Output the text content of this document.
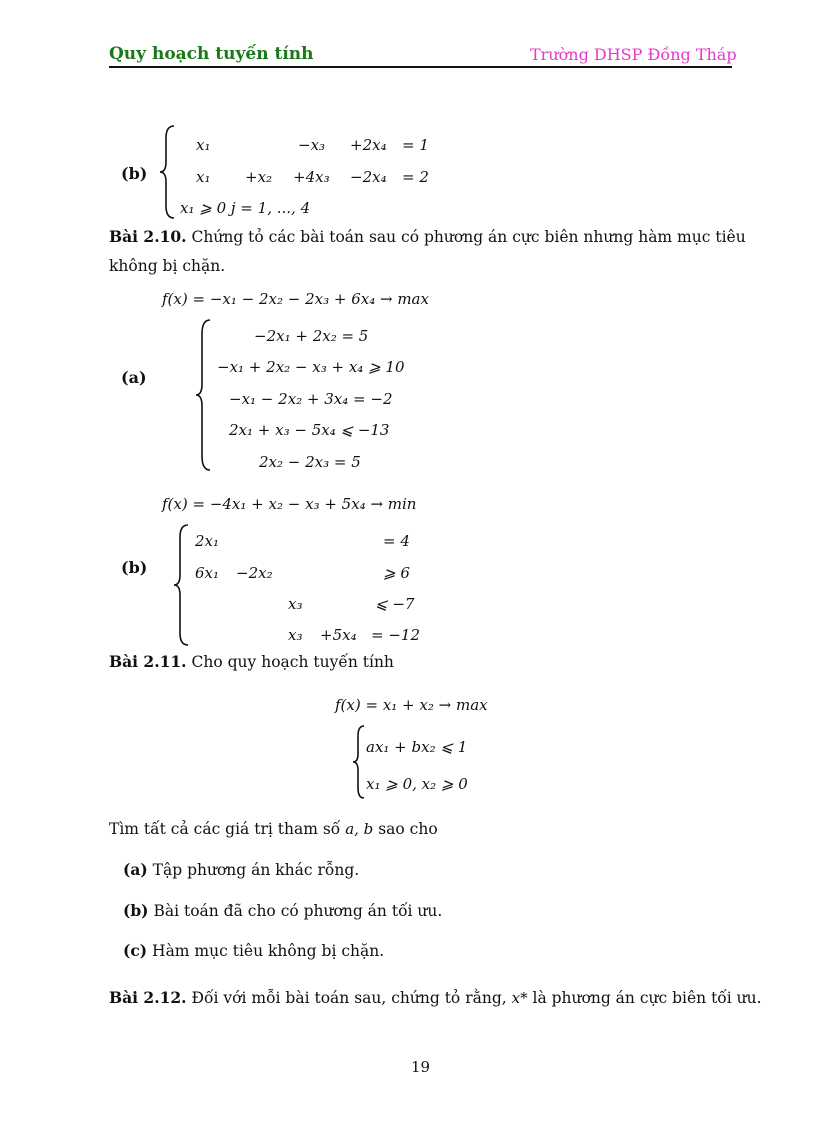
Quy hoạch tuyến tính	Trường DHSP Đồng Tháp
(b)
x₁	−x₃ +2x₄ = 1
x₁ +x₂ +4x₃ −2x₄ = 2
x₁ ⩾ 0 j = 1, ..., 4
Bài 2.10. Chứng tỏ các bài toán sau có phương án cực biên nhưng hàm mục tiêu
không bị chặn.
f(x) = −x₁ − 2x₂ − 2x₃ + 6x₄ → max
(a)
−2x₁ + 2x₂ = 5
−x₁ + 2x₂ − x₃ + x₄ ⩾ 10
−x₁ − 2x₂ + 3x₄ = −2
2x₁ + x₃ − 5x₄ ⩽ −13
2x₂ − 2x₃ = 5
f(x) = −4x₁ + x₂ − x₃ + 5x₄ → min
(b)
2x₁	= 4
6x₁ −2x₂	⩾ 6
x₃	⩽ −7
x₃ +5x₄ = −12
Bài 2.11. Cho quy hoạch tuyến tính
f(x) = x₁ + x₂ → max
ax₁ + bx₂ ⩽ 1
x₁ ⩾ 0, x₂ ⩾ 0
Tìm tất cả các giá trị tham số a, b sao cho
(a) Tập phương án khác rỗng.
(b) Bài toán đã cho có phương án tối ưu.
(c) Hàm mục tiêu không bị chặn.
Bài 2.12. Đối với mỗi bài toán sau, chứng tỏ rằng, x* là phương án cực biên tối ưu.
19
